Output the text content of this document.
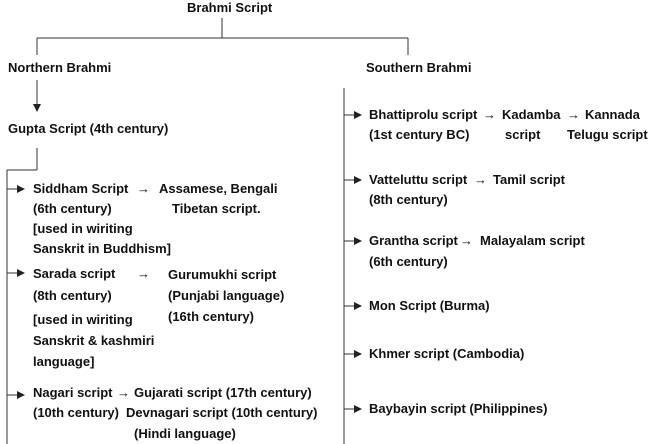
Brahmi Script
Northern Brahmi
Gupta Script (4th century)
Siddham Script
(6th century)
[used in wiriting
Sanskrit in Buddhism]
→ Assamese, Bengali
Tibetan script.
Sarada script
(8th century)
[used in wiriting
Sanskrit & kashmiri
language]
→ Gurumukhi script
(Punjabi language)
(16th century)
Nagari script
(10th century)
→ Gujarati script (17th century)
Devnagari script (10th century)
(Hindi language)
Southern Brahmi
Bhattiprolu script
(1st century BC)
→ Kadamba
script
→ Kannada
Telugu script
Vatteluttu script
(8th century)
→ Tamil script
Grantha script
(6th century)
→ Malayalam script
Mon Script (Burma)
Khmer script (Cambodia)
Baybayin script (Philippines)
